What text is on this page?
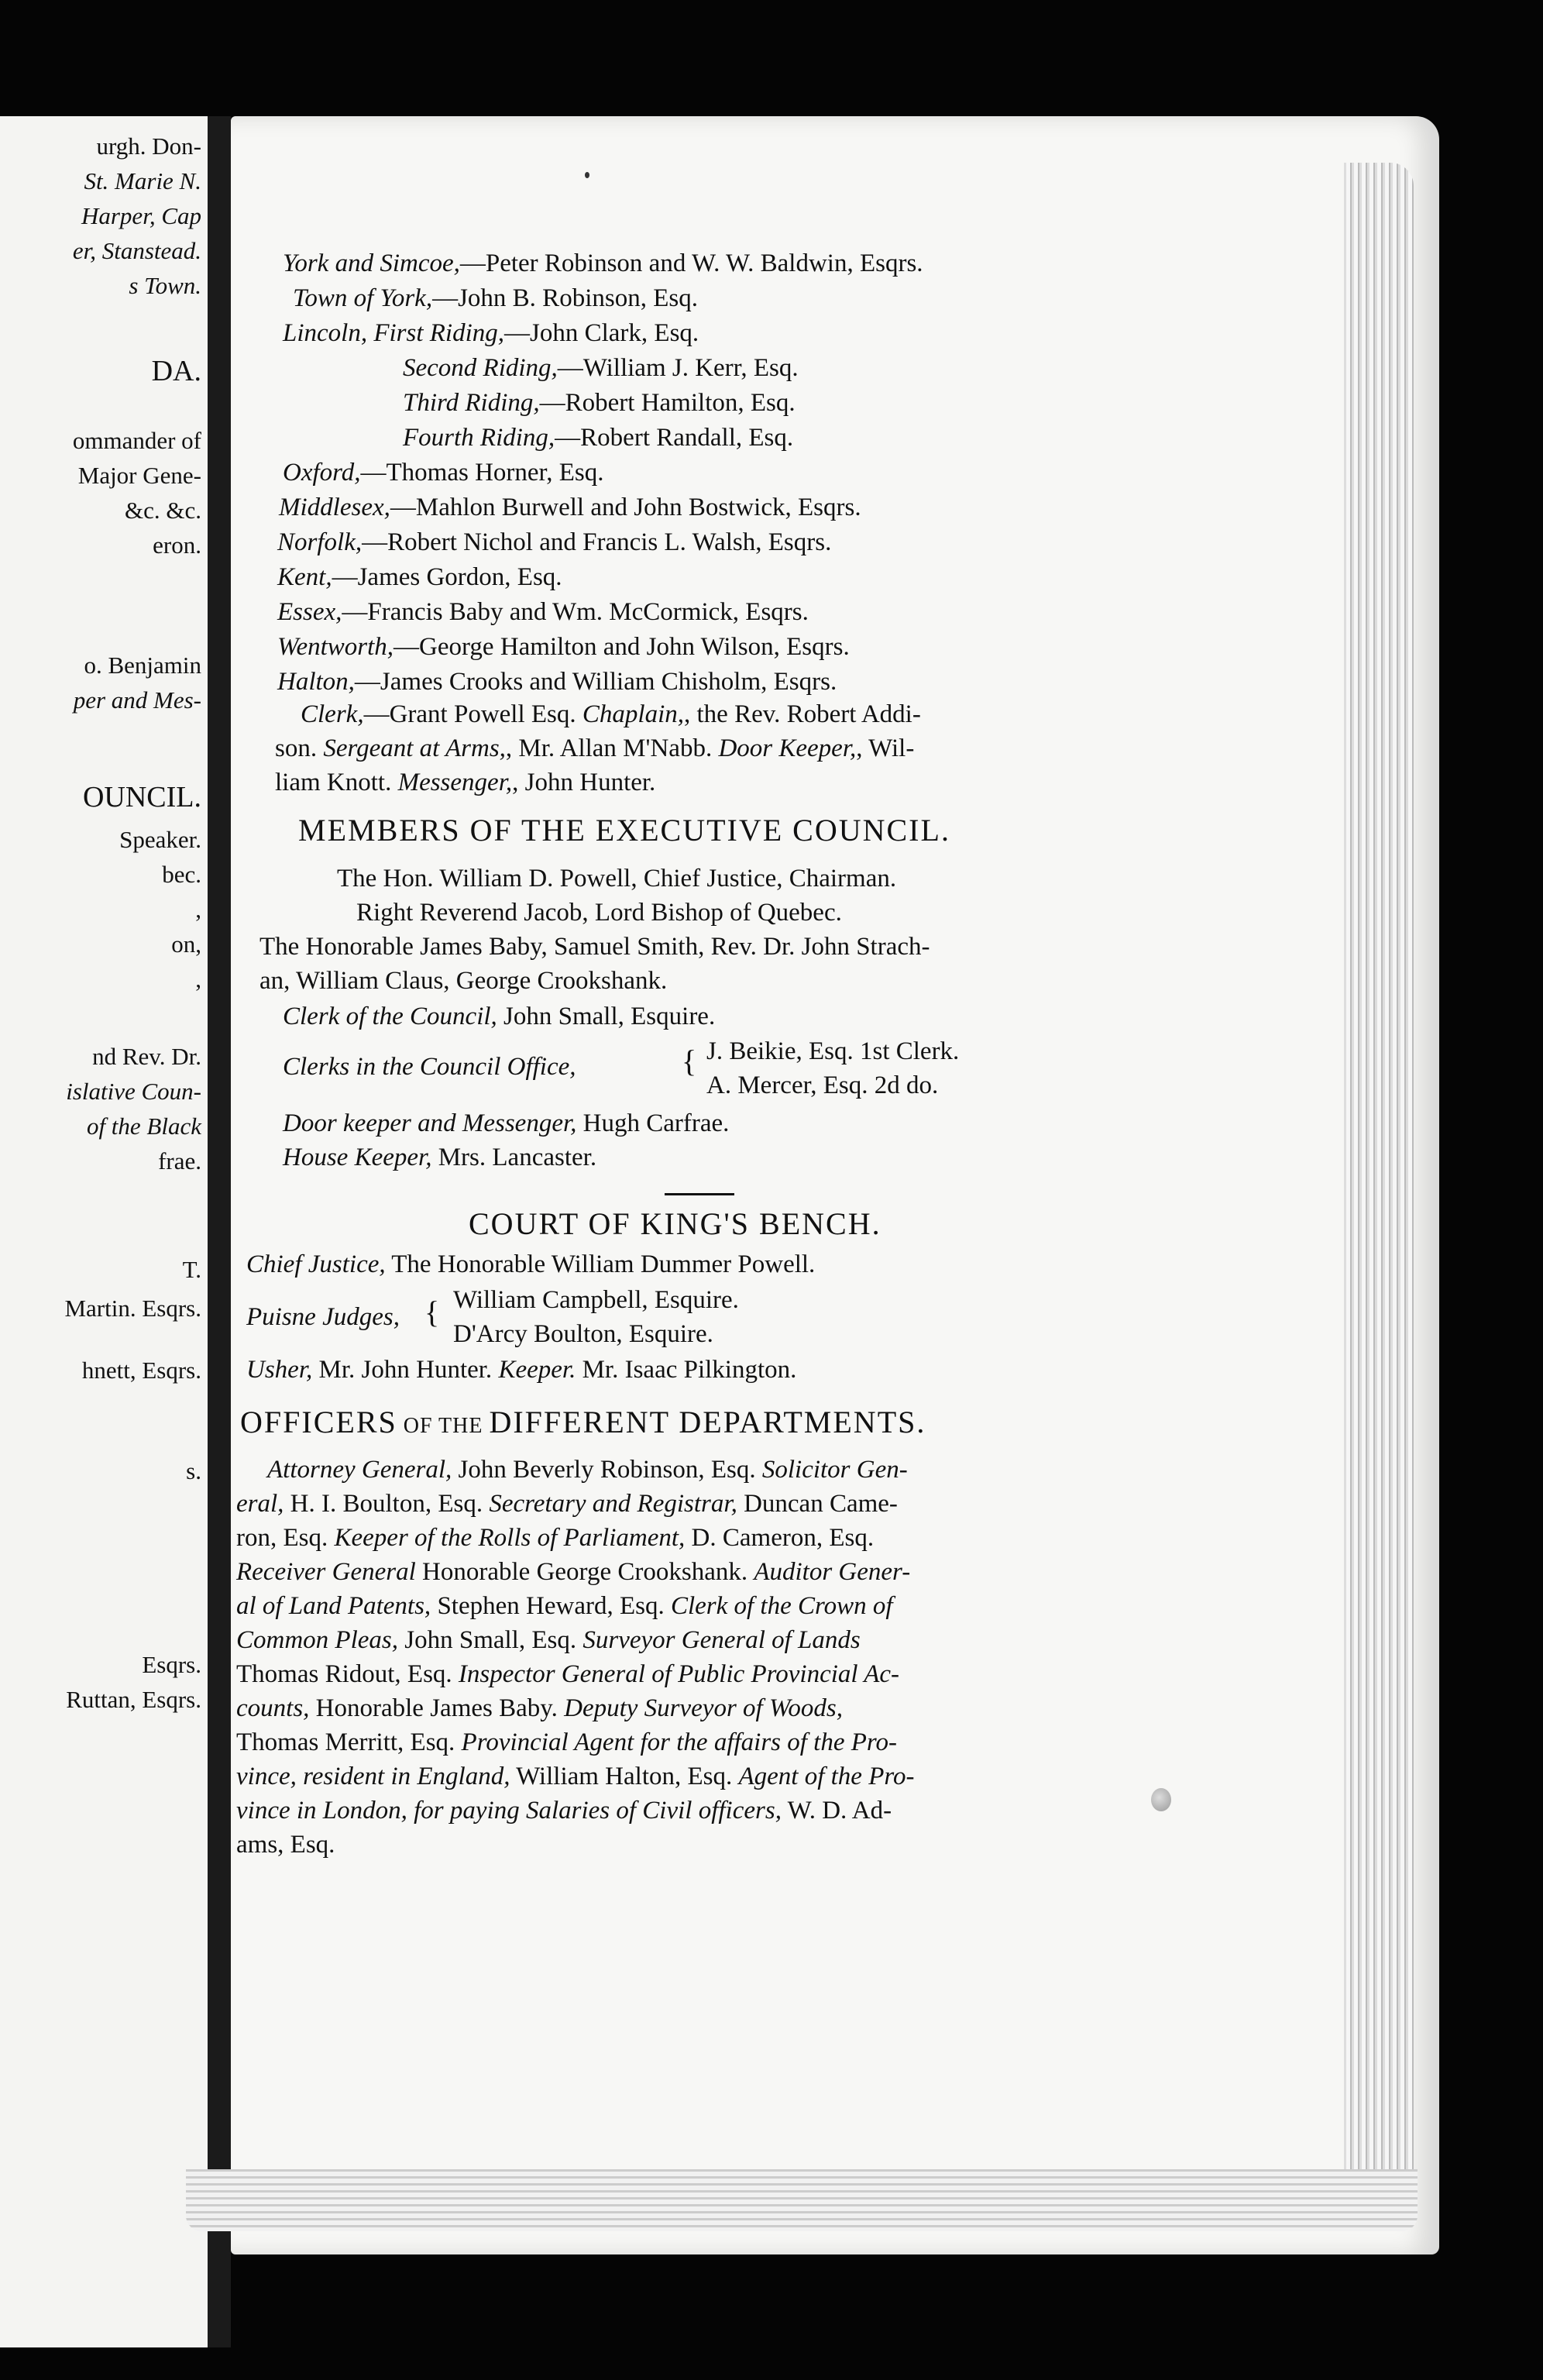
urgh. Don-
St. Marie N.
Harper, Cap
er, Stanstead.
s Town.
DA.
ommander of
Major Gene-
&c. &c.
eron.
o. Benjamin
per and Mes-
OUNCIL.
Speaker.
bec.
,
on,
,
nd Rev. Dr.
islative Coun-
of the Black
frae.
T.
Martin. Esqrs.
hnett, Esqrs.
s.
Esqrs.
Ruttan, Esqrs.
York and Simcoe,—Peter Robinson and W. W. Baldwin, Esqrs.
Town of York,—John B. Robinson, Esq.
Lincoln, First Riding,—John Clark, Esq.
Second Riding,—William J. Kerr, Esq.
Third Riding,—Robert Hamilton, Esq.
Fourth Riding,—Robert Randall, Esq.
Oxford,—Thomas Horner, Esq.
Middlesex,—Mahlon Burwell and John Bostwick, Esqrs.
Norfolk,—Robert Nichol and Francis L. Walsh, Esqrs.
Kent,—James Gordon, Esq.
Essex,—Francis Baby and Wm. McCormick, Esqrs.
Wentworth,—George Hamilton and John Wilson, Esqrs.
Halton,—James Crooks and William Chisholm, Esqrs.
Clerk,—Grant Powell Esq. Chaplain,, the Rev. Robert Addi-
son. Sergeant at Arms,, Mr. Allan M'Nabb. Door Keeper,, Wil-
liam Knott. Messenger,, John Hunter.
MEMBERS OF THE EXECUTIVE COUNCIL.
The Hon. William D. Powell, Chief Justice, Chairman.
Right Reverend Jacob, Lord Bishop of Quebec.
The Honorable James Baby, Samuel Smith, Rev. Dr. John Strach-
an, William Claus, George Crookshank.
Clerk of the Council, John Small, Esquire.
Clerks in the Council Office,	{ J. Beikie, Esq. 1st Clerk.
A. Mercer, Esq. 2d do.
Door keeper and Messenger, Hugh Carfrae.
House Keeper, Mrs. Lancaster.
COURT OF KING'S BENCH.
Chief Justice, The Honorable William Dummer Powell.
Puisne Judges, { William Campbell, Esquire.
D'Arcy Boulton, Esquire.
Usher, Mr. John Hunter. Keeper. Mr. Isaac Pilkington.
OFFICERS OF THE DIFFERENT DEPARTMENTS.
Attorney General, John Beverly Robinson, Esq. Solicitor Gen-
eral, H. I. Boulton, Esq. Secretary and Registrar, Duncan Came-
ron, Esq. Keeper of the Rolls of Parliament, D. Cameron, Esq.
Receiver General Honorable George Crookshank. Auditor Gener-
al of Land Patents, Stephen Heward, Esq. Clerk of the Crown of
Common Pleas, John Small, Esq. Surveyor General of Lands
Thomas Ridout, Esq. Inspector General of Public Provincial Ac-
counts, Honorable James Baby. Deputy Surveyor of Woods,
Thomas Merritt, Esq. Provincial Agent for the affairs of the Pro-
vince, resident in England, William Halton, Esq. Agent of the Pro-
vince in London, for paying Salaries of Civil officers, W. D. Ad-
ams, Esq.
